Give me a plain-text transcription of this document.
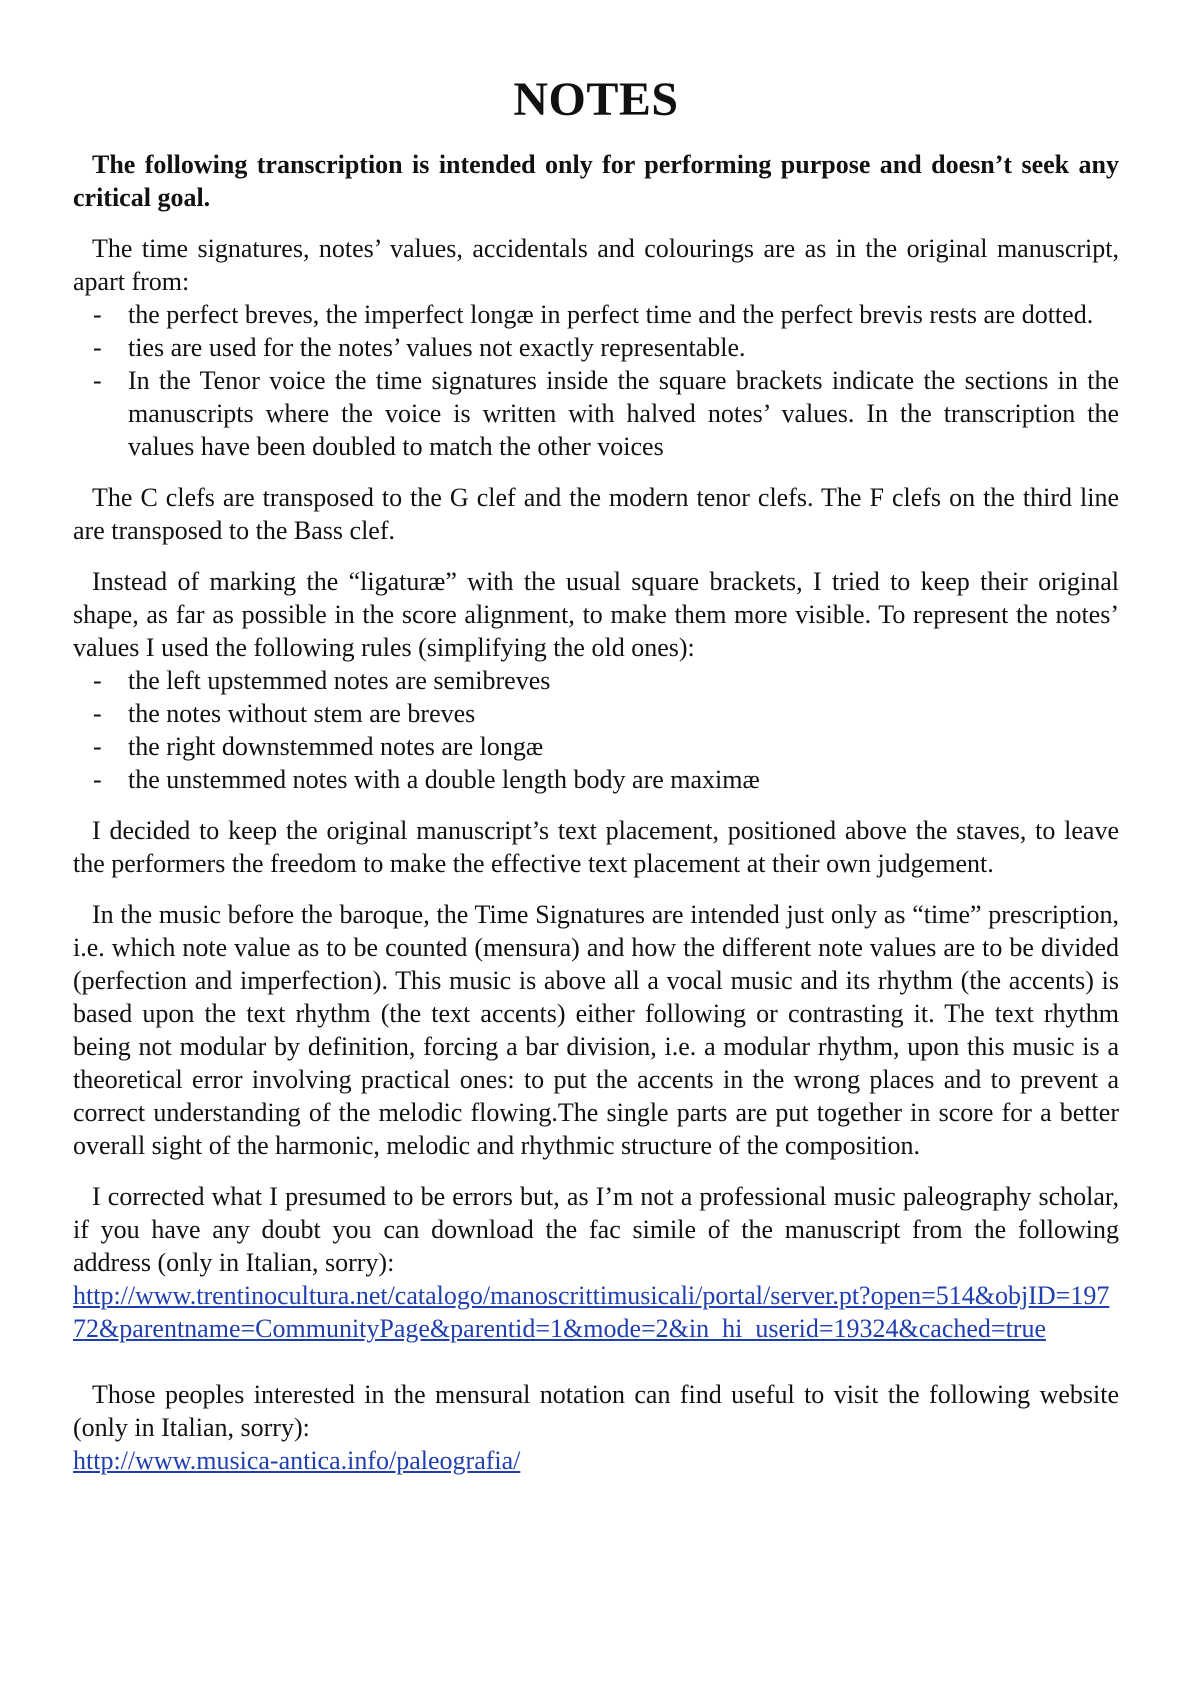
NOTES

The following transcription is intended only for performing purpose and doesn’t seek any critical goal.

The time signatures, notes’ values, accidentals and colourings are as in the original manuscript, apart from:

- the perfect breves, the imperfect longæ in perfect time and the perfect brevis rests are dotted.
- ties are used for the notes’ values not exactly representable.
- In the Tenor voice the time signatures inside the square brackets indicate the sections in the manuscripts where the voice is written with halved notes’ values. In the transcription the values have been doubled to match the other voices

The C clefs are transposed to the G clef and the modern tenor clefs. The F clefs on the third line are transposed to the Bass clef.

Instead of marking the “ligaturæ” with the usual square brackets, I tried to keep their original shape, as far as possible in the score alignment, to make them more visible. To represent the notes’ values I used the following rules (simplifying the old ones):

- the left upstemmed notes are semibreves
- the notes without stem are breves
- the right downstemmed notes are longæ
- the unstemmed notes with a double length body are maximæ

I decided to keep the original manuscript’s text placement, positioned above the staves, to leave the performers the freedom to make the effective text placement at their own judgement.

In the music before the baroque, the Time Signatures are intended just only as “time” prescription, i.e. which note value as to be counted (mensura) and how the different note values are to be divided (perfection and imperfection). This music is above all a vocal music and its rhythm (the accents) is based upon the text rhythm (the text accents) either following or contrasting it. The text rhythm being not modular by definition, forcing a bar division, i.e. a modular rhythm, upon this music is a theoretical error involving practical ones: to put the accents in the wrong places and to prevent a correct understanding of the melodic flowing.The single parts are put together in score for a better overall sight of the harmonic, melodic and rhythmic structure of the composition.

I corrected what I presumed to be errors but, as I’m not a professional music paleography scholar, if you have any doubt you can download the fac simile of the manuscript from the following address (only in Italian, sorry):

http://www.trentinocultura.net/catalogo/manoscrittimusicali/portal/server.pt?open=514&objID=19772&parentname=CommunityPage&parentid=1&mode=2&in_hi_userid=19324&cached=true

Those peoples interested in the mensural notation can find useful to visit the following website (only in Italian, sorry):

http://www.musica-antica.info/paleografia/
